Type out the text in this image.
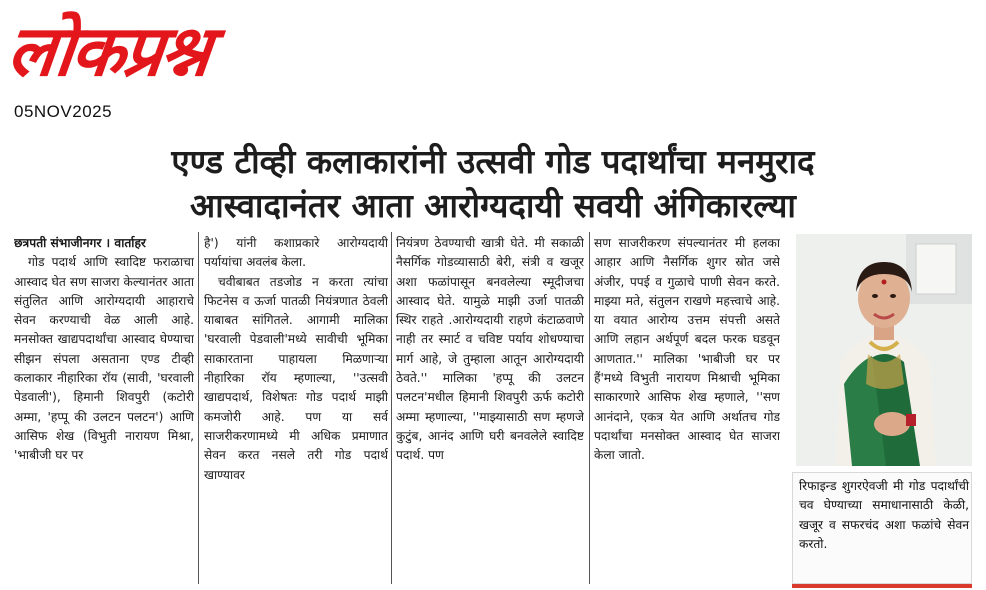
लोकप्रश्न
05NOV2025
एण्ड टीव्ही कलाकारांनी उत्सवी गोड पदार्थांचा मनमुराद
आस्वादानंतर आता आरोग्यदायी सवयी अंगिकारल्या
छत्रपती संभाजीनगर । वार्ताहर
गोड पदार्थ आणि स्वादिष्ट फराळाचा आस्वाद घेत सण साजरा केल्यानंतर आता संतुलित आणि आरोग्यदायी आहाराचे सेवन करण्याची वेळ आली आहे. मनसोक्त खाद्यपदार्थांचा आस्वाद घेण्याचा सीझन संपला असताना एण्ड टीव्ही कलाकार नीहारिका रॉय (सावी, 'घरवाली पेडवाली'), हिमानी शिवपुरी (कटोरी अम्मा, 'हप्पू की उलटन पलटन') आणि आसिफ शेख (विभुती नारायण मिश्रा, 'भाबीजी घर पर
है') यांनी कशाप्रकारे आरोग्यदायी पर्यायांचा अवलंब केला.
चवीबाबत तडजोड न करता त्यांचा फिटनेस व ऊर्जा पातळी नियंत्रणात ठेवली याबाबत सांगितले. आगामी मालिका 'घरवाली पेडवाली'मध्ये सावीची भूमिका साकारताना पाहायला मिळणाऱ्या नीहारिका रॉय म्हणाल्या, ''उत्सवी खाद्यपदार्थ, विशेषतः गोड पदार्थ माझी कमजोरी आहे. पण या सर्व साजरीकरणामध्ये मी अधिक प्रमाणात सेवन करत नसले तरी गोड पदार्थ खाण्यावर
नियंत्रण ठेवण्याची खात्री घेते. मी सकाळी नैसर्गिक गोडव्यासाठी बेरी, संत्री व खजूर अशा फळांपासून बनवलेल्या स्मूदीजचा आस्वाद घेते. यामुळे माझी उर्जा पातळी स्थिर राहते .आरोग्यदायी राहणे कंटाळवाणे नाही तर स्मार्ट व चविष्ट पर्याय शोधण्याचा मार्ग आहे, जे तुम्हाला आतून आरोग्यदायी ठेवते.'' मालिका 'हप्पू की उलटन पलटन'मधील हिमानी शिवपुरी ऊर्फ कटोरी अम्मा म्हणाल्या, ''माझ्यासाठी सण म्हणजे कुटुंब, आनंद आणि घरी बनवलेले स्वादिष्ट पदार्थ. पण
सण साजरीकरण संपल्यानंतर मी हलका आहार आणि नैसर्गिक शुगर स्रोत जसे अंजीर, पपई व गुळाचे पाणी सेवन करते. माझ्या मते, संतुलन राखणे महत्त्वाचे आहे. या वयात आरोग्य उत्तम संपत्ती असते आणि लहान अर्थपूर्ण बदल फरक घडवून आणतात.'' मालिका 'भाबीजी घर पर हैं'मध्ये विभुती नारायण मिश्राची भूमिका साकारणारे आसिफ शेख म्हणाले, ''सण आनंदाने, एकत्र येत आणि अर्थातच गोड पदार्थांचा मनसोक्त आस्वाद घेत साजरा केला जातो.
रिफाइन्ड शुगरऐवजी मी गोड पदार्थांची चव घेण्याच्या समाधानासाठी केळी, खजूर व सफरचंद अशा फळांचे सेवन करतो.
